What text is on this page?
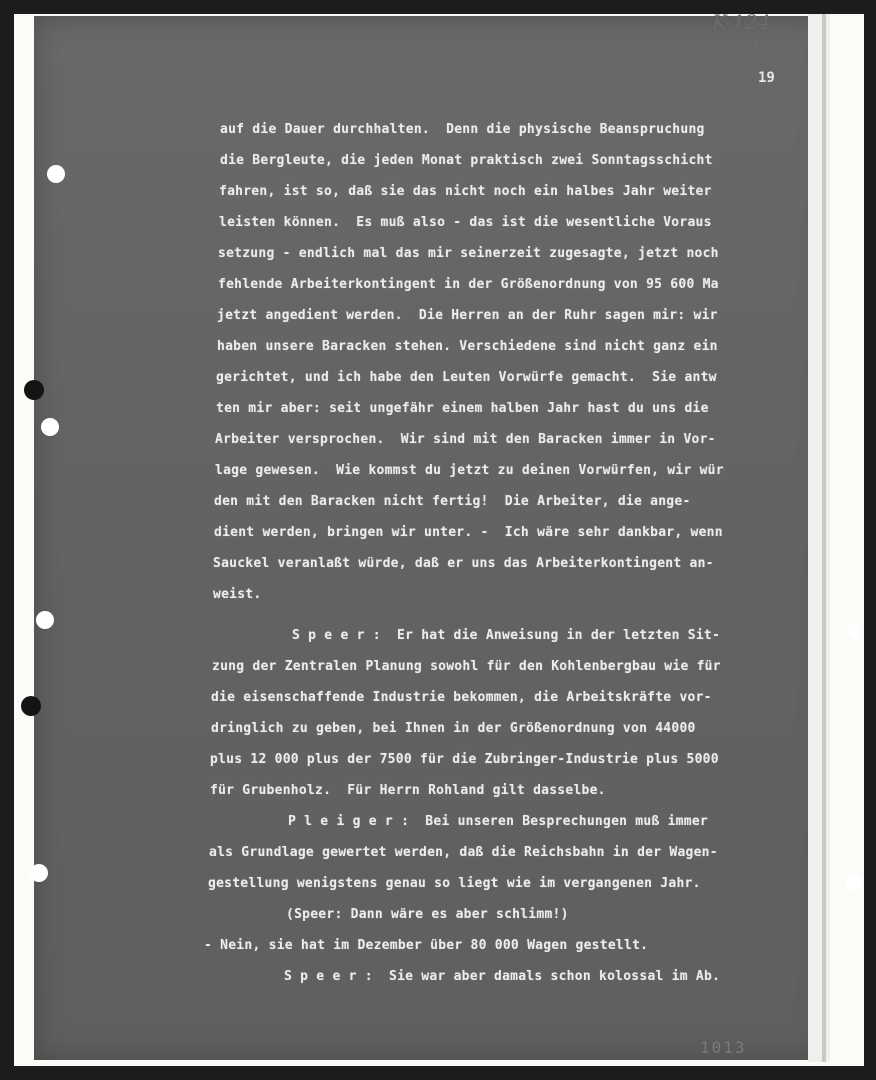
K-124
21
19
auf die Dauer durchhalten.  Denn die physische Beanspruchung
die Bergleute, die jeden Monat praktisch zwei Sonntagsschicht
fahren, ist so, daß sie das nicht noch ein halbes Jahr weiter
leisten können.  Es muß also - das ist die wesentliche Voraus
setzung - endlich mal das mir seinerzeit zugesagte, jetzt noch
fehlende Arbeiterkontingent in der Größenordnung von 95 600 Ma
jetzt angedient werden.  Die Herren an der Ruhr sagen mir: wir
haben unsere Baracken stehen. Verschiedene sind nicht ganz ein
gerichtet, und ich habe den Leuten Vorwürfe gemacht.  Sie antw
ten mir aber: seit ungefähr einem halben Jahr hast du uns die
Arbeiter versprochen.  Wir sind mit den Baracken immer in Vor-
lage gewesen.  Wie kommst du jetzt zu deinen Vorwürfen, wir wür
den mit den Baracken nicht fertig!  Die Arbeiter, die ange-
dient werden, bringen wir unter. -  Ich wäre sehr dankbar, wenn
Sauckel veranlaßt würde, daß er uns das Arbeiterkontingent an-
weist.
S p e e r :  Er hat die Anweisung in der letzten Sit-
zung der Zentralen Planung sowohl für den Kohlenbergbau wie für
die eisenschaffende Industrie bekommen, die Arbeitskräfte vor-
dringlich zu geben, bei Ihnen in der Größenordnung von 44000
plus 12 000 plus der 7500 für die Zubringer-Industrie plus 5000
für Grubenholz.  Für Herrn Rohland gilt dasselbe.
P l e i g e r :  Bei unseren Besprechungen muß immer
als Grundlage gewertet werden, daß die Reichsbahn in der Wagen-
gestellung wenigstens genau so liegt wie im vergangenen Jahr.
(Speer: Dann wäre es aber schlimm!)
- Nein, sie hat im Dezember über 80 000 Wagen gestellt.
S p e e r :  Sie war aber damals schon kolossal im Ab.
1013
